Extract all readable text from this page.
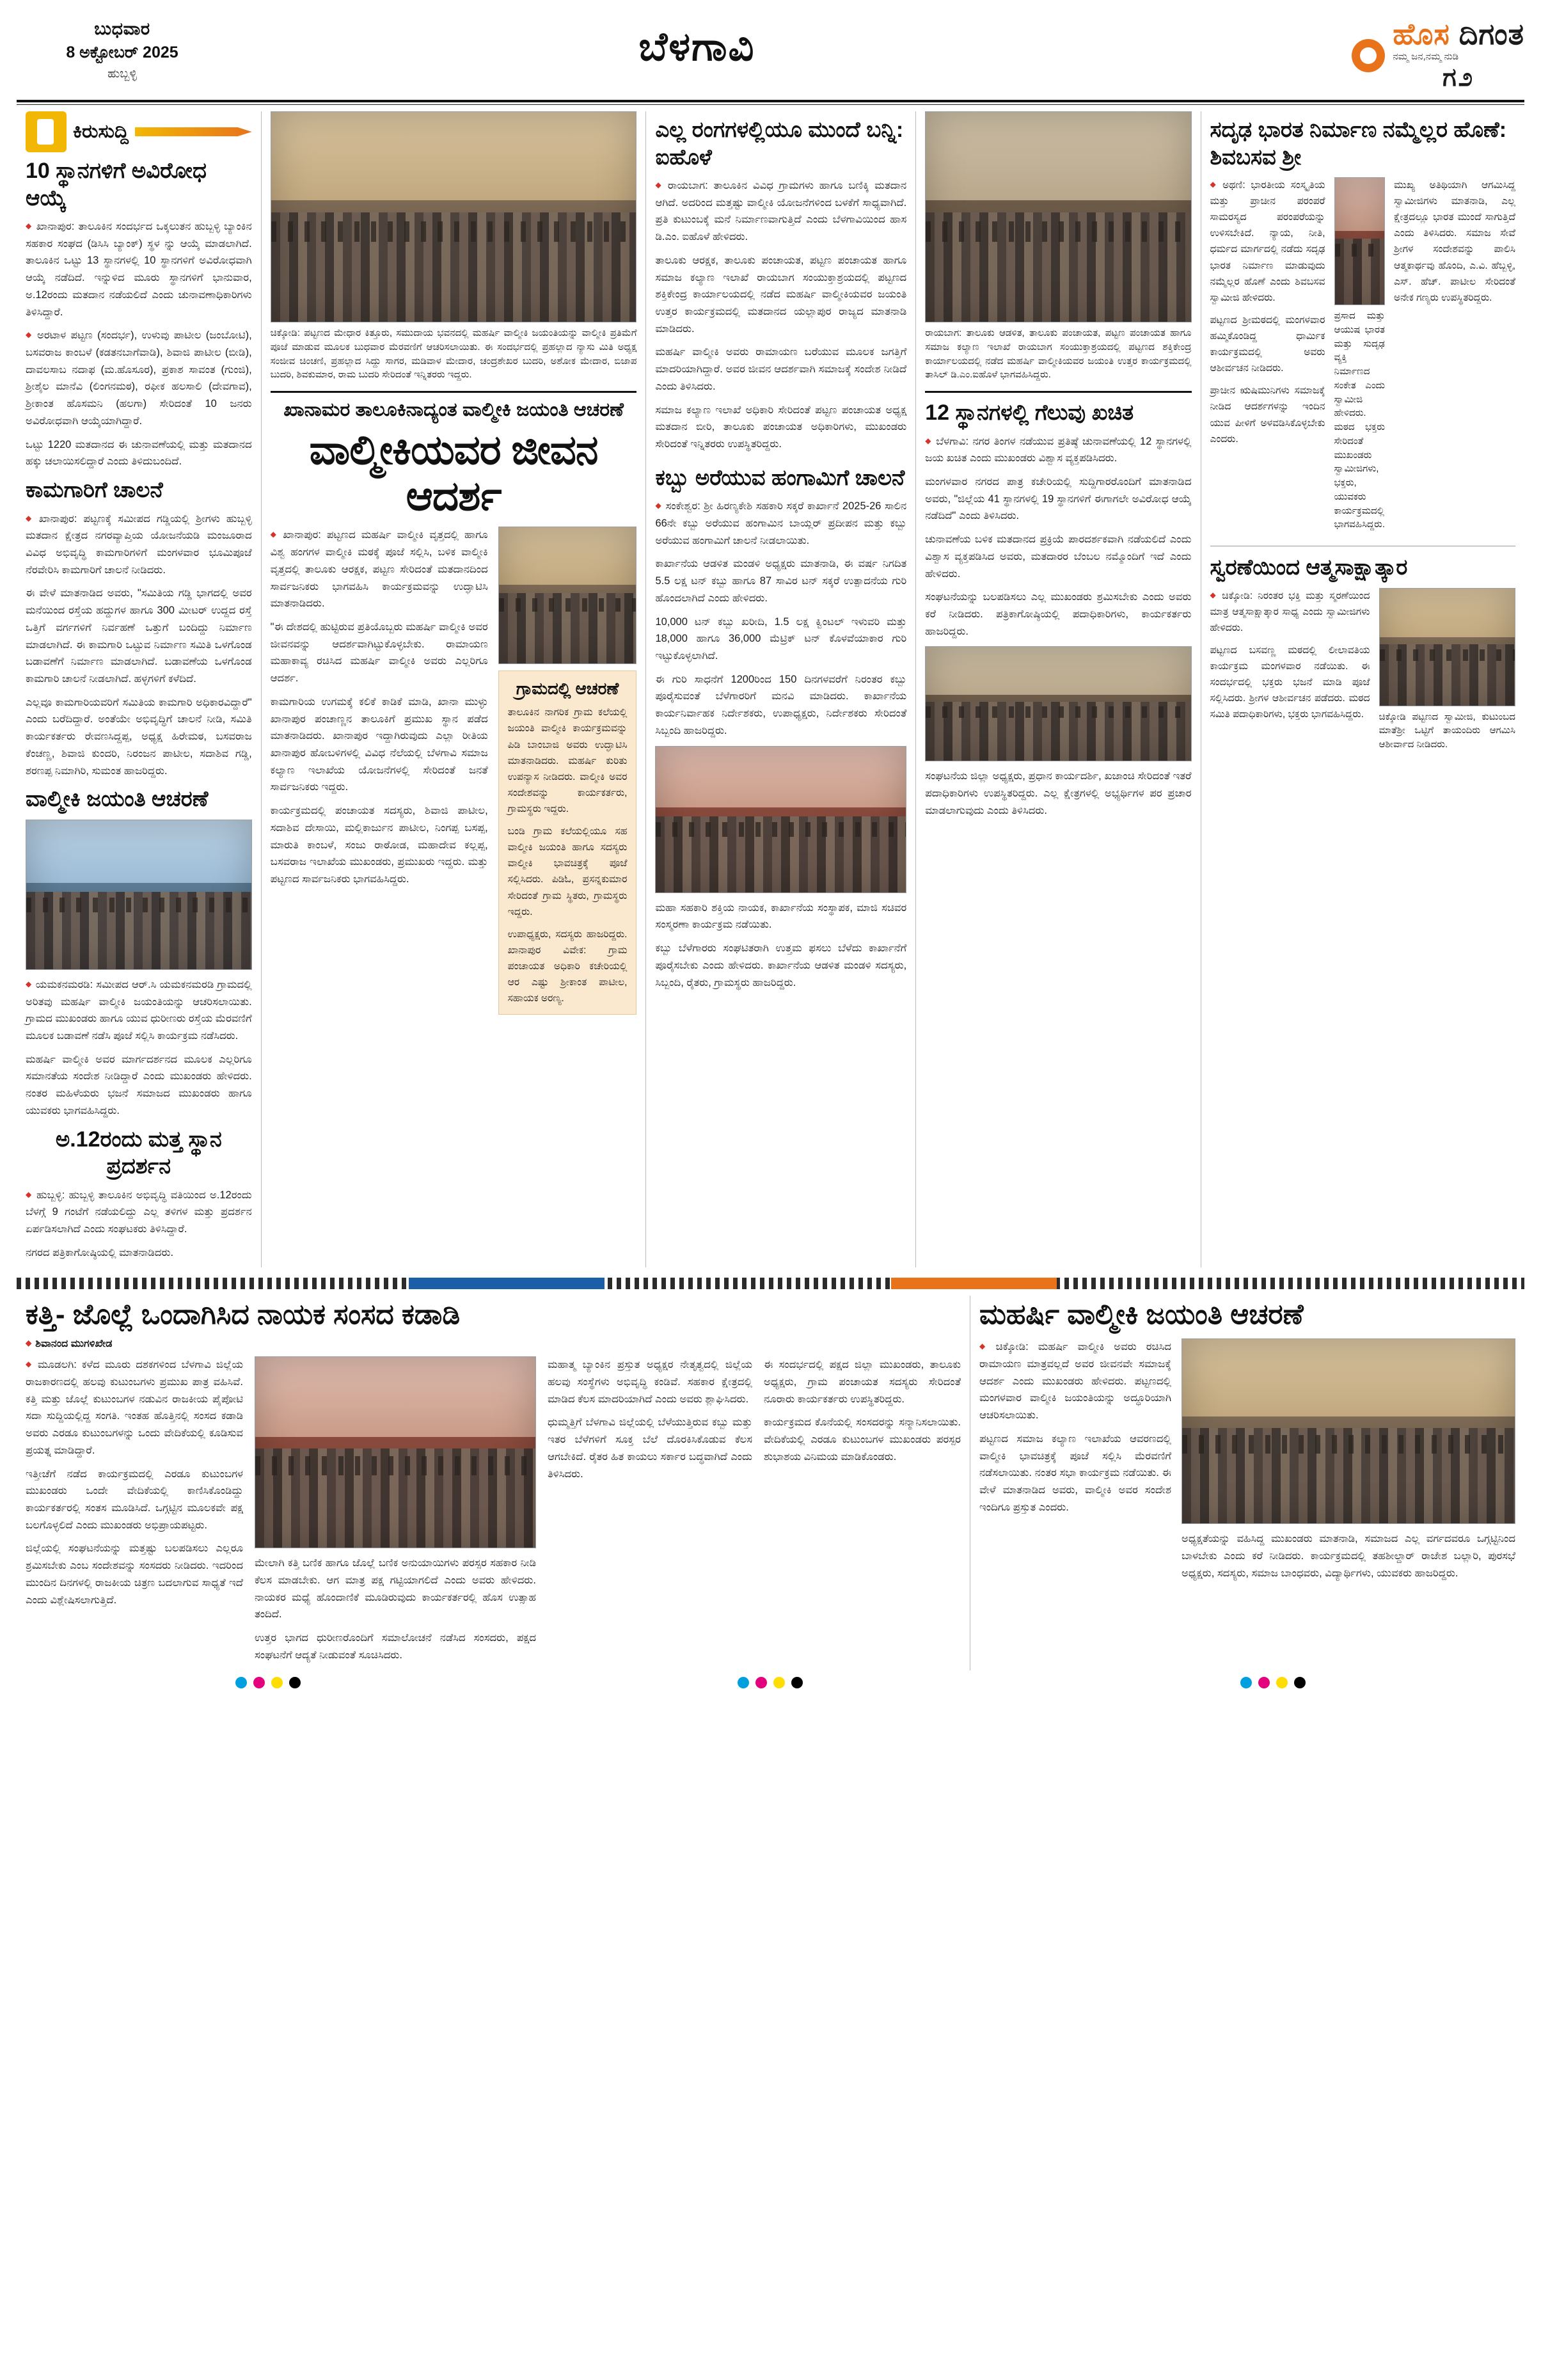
ಬುಧವಾರ
8 ಅಕ್ಟೋಬರ್ 2025
ಹುಬ್ಬಳ್ಳಿ
ಬೆಳಗಾವಿ	ಹೊಸ ದಿಗಂತ
ನಮ್ಮ ಜನ,ನಮ್ಮ ನುಡಿ
ಗ೨
ಕಿರುಸುದ್ದಿ
10 ಸ್ಥಾನಗಳಿಗೆ ಅವಿರೋಧ ಆಯ್ಕೆ

◆ ಖಾನಾಪುರ: ತಾಲೂಕಿನ ಸಂದರ್ಭದ ಒಕ್ಕಲುತನ ಹುಬ್ಬಳ್ಳಿ ಬ್ಯಾಂಕಿನ ಸಹಕಾರ ಸಂಘದ (ಡಿಸಿಸಿ ಬ್ಯಾಂಕ್) ಸ್ಥಳ ನ್ನು ಆಯ್ಕೆ ಮಾಡಲಾಗಿದೆ. ತಾಲೂಕಿನ ಒಟ್ಟು 13 ಸ್ಥಾನಗಳಲ್ಲಿ 10 ಸ್ಥಾನಗಳಿಗೆ ಅವಿರೋಧವಾಗಿ ಆಯ್ಕೆ ನಡೆದಿದೆ. ಇನ್ನುಳಿದ ಮೂರು ಸ್ಥಾನಗಳಿಗೆ ಭಾನುವಾರ, ಅ.12ರಂದು ಮತದಾನ ನಡೆಯಲಿದೆ ಎಂದು ಚುನಾವಣಾಧಿಕಾರಿಗಳು ತಿಳಿಸಿದ್ದಾರೆ.

◆ ಅರಟಾಳ ಪಟ್ಟಣ (ಸಂದರ್ಭ), ಉಳುವು ಪಾಟೀಲ (ಜಂಬೋಟಿ), ಬಸವರಾಜ ಕಾಂಬಳೆ (ಕಡತನಬಾಗೆವಾಡಿ), ಶಿವಾಜಿ ಪಾಟೀಲ (ಬೀಡಿ), ದಾವಲಸಾಬ ನದಾಫ (ಮ.ಹೊಸೂರ), ಪ್ರಕಾಶ ಸಾವಂತ (ಗುಂಜಿ), ಶ್ರೀಶೈಲ ಮಾನೆವಿ (ಲಿಂಗನಮಠ), ರಫೀಕ ಹಲಸಾಲಿ (ದೇವಗಾವ), ಶ್ರೀಕಾಂತ ಹೊಸಮನಿ (ಹಲಗಾ) ಸೇರಿದಂತೆ 10 ಜನರು ಅವಿರೋಧವಾಗಿ ಆಯ್ಕೆಯಾಗಿದ್ದಾರೆ.

ಒಟ್ಟು 1220 ಮತದಾನದ ಈ ಚುನಾವಣೆಯಲ್ಲಿ ಮತ್ತು ಮತದಾನದ ಹಕ್ಕು ಚಲಾಯಿಸಲಿದ್ದಾರೆ ಎಂದು ತಿಳಿದುಬಂದಿದೆ.

ಕಾಮಗಾರಿಗೆ ಚಾಲನೆ

◆ ಖಾನಾಪುರ: ಪಟ್ಟಣಕ್ಕೆ ಸಮೀಪದ ಗಡ್ಡಿಯಲ್ಲಿ ಶ್ರೀಗಳು ಹುಬ್ಬಳ್ಳಿ ಮತದಾನ ಕ್ಷೇತ್ರದ ನಗರವ್ಯಾಪ್ತಿಯ ಯೋಜನೆಯಡಿ ಮಂಜೂರಾದ ವಿವಿಧ ಅಭಿವೃದ್ಧಿ ಕಾಮಗಾರಿಗಳಿಗೆ ಮಂಗಳವಾರ ಭೂಮಿಪೂಜೆ ನೆರವೇರಿಸಿ ಕಾಮಗಾರಿಗೆ ಚಾಲನೆ ನೀಡಿದರು.

ಈ ವೇಳೆ ಮಾತನಾಡಿದ ಅವರು, "ಸಮಿತಿಯ ಗಡ್ಡಿ ಭಾಗದಲ್ಲಿ ಅವರ ಮನೆಯಿಂದ ರಸ್ತೆಯ ಹದ್ದುಗಳ ಹಾಗೂ 300 ಮೀಟರ್ ಉದ್ದದ ರಸ್ತೆ ಒತ್ತಿಗೆ ವರ್ಗಗಳಿಗೆ ನಿರ್ವಹಣೆ ಒತ್ತುಗೆ ಬಂದಿದ್ದು ನಿರ್ಮಾಣ ಮಾಡಲಾಗಿದೆ. ಈ ಕಾಮಗಾರಿ ಒಟ್ಟುವ ನಿರ್ಮಾಣ ಸಮಿತಿ ಒಳಗೊಂಡ ಬಡಾವಣೆಗೆ ನಿರ್ಮಾಣ ಮಾಡಲಾಗಿದೆ. ಬಡಾವಣೆಯ ಒಳಗೊಂಡ ಕಾಮಗಾರಿ ಚಾಲನೆ ನೀಡಲಾಗಿದೆ. ಹಳ್ಳಗಳಿಗೆ ಕಳೆದಿದೆ.

ಎಲ್ಲವೂ ಕಾಮಗಾರಿಯವರಿಗೆ ಸಮಿತಿಯ ಕಾಮಗಾರಿ ಅಧಿಕಾರವಿದ್ದಾರೆ" ಎಂದು ಬರೆದಿದ್ದಾರೆ. ಅಂತೆಯೇ ಅಭಿವೃದ್ಧಿಗೆ ಚಾಲನೆ ನೀಡಿ, ಸಮಿತಿ ಕಾರ್ಯಕರ್ತರು ರೇವಣಸಿದ್ದಪ್ಪ, ಅಧ್ಯಕ್ಷ ಹಿರೇಮಠ, ಬಸವರಾಜ ಕೆಂಚಣ್ಣ, ಶಿವಾಜಿ ಕುಂದರಿ, ನಿರಂಜನ ಪಾಟೀಲ, ಸದಾಶಿವ ಗಡ್ಡಿ, ಶರಣಪ್ಪ ನಿಮಾಗಿರಿ, ಸುಮಂತ ಹಾಜರಿದ್ದರು.

ವಾಲ್ಮೀಕಿ ಜಯಂತಿ ಆಚರಣೆ

◆ ಯಮಕನಮರಡಿ: ಸಮೀಪದ ಆರ್.ಸಿ ಯಮಕನಮರಡಿ ಗ್ರಾಮದಲ್ಲಿ ಅರಿತವು ಮಹರ್ಷಿ ವಾಲ್ಮೀಕಿ ಜಯಂತಿಯನ್ನು ಆಚರಿಸಲಾಯಿತು. ಗ್ರಾಮದ ಮುಖಂಡರು ಹಾಗೂ ಯುವ ಧುರೀಣರು ರಸ್ತೆಯ ಮೆರವಣಿಗೆ ಮೂಲಕ ಬಡಾವಣೆ ನಡೆಸಿ ಪೂಜೆ ಸಲ್ಲಿಸಿ ಕಾರ್ಯಕ್ರಮ ನಡೆಸಿದರು.

ಮಹರ್ಷಿ ವಾಲ್ಮೀಕಿ ಅವರ ಮಾರ್ಗದರ್ಶನದ ಮೂಲಕ ಎಲ್ಲರಿಗೂ ಸಮಾನತೆಯ ಸಂದೇಶ ನೀಡಿದ್ದಾರೆ ಎಂದು ಮುಖಂಡರು ಹೇಳಿದರು. ನಂತರ ಮಹಿಳೆಯರು ಭಜನೆ ಸಮಾಜದ ಮುಖಂಡರು ಹಾಗೂ ಯುವಕರು ಭಾಗವಹಿಸಿದ್ದರು.

ಅ.12ರಂದು ಮತ್ತ ಸ್ಥಾನ ಪ್ರದರ್ಶನ

◆ ಹುಬ್ಬಳ್ಳಿ: ಹುಬ್ಬಳ್ಳಿ ತಾಲೂಕಿನ ಅಭಿವೃದ್ಧಿ ವತಿಯಿಂದ ಅ.12ರಂದು ಬೆಳಗ್ಗೆ 9 ಗಂಟೆಗೆ ನಡೆಯಲಿದ್ದು ಎಲ್ಲ ತಳಿಗಳ ಮತ್ತು ಪ್ರದರ್ಶನ ಏರ್ಪಡಿಸಲಾಗಿದೆ ಎಂದು ಸಂಘಟಕರು ತಿಳಿಸಿದ್ದಾರೆ.

ನಗರದ ಪತ್ರಿಕಾಗೋಷ್ಠಿಯಲ್ಲಿ ಮಾತನಾಡಿದರು.

ಚಿಕ್ಕೋಡಿ: ಪಟ್ಟಣದ ಮೇಧಾರ ಕಿತ್ತೂರು, ಸಮುದಾಯ ಭವನದಲ್ಲಿ ಮಹರ್ಷಿ ವಾಲ್ಮೀಕಿ ಜಯಂತಿಯನ್ನು ವಾಲ್ಮೀಕಿ ಪ್ರತಿಮೆಗೆ ಪೂಜೆ ಮಾಡುವ ಮೂಲಕ ಬುಧವಾರ ಮೆರವಣಿಗೆ ಆಚರಿಸಲಾಯಿತು. ಈ ಸಂದರ್ಭದಲ್ಲಿ ಪ್ರಹಲ್ಲಾದ ನ್ಯಾಸು ಮಿತಿ ಅಧ್ಯಕ್ಷ ಸಂಜೀವ ಚಿಂಚಣಿ, ಪ್ರಹಲ್ಲಾದ ಸಿದ್ದು ಸಾಗರ, ಮಡಿವಾಳ ಮೇದಾರ, ಚಂದ್ರಶೇಖರ ಬುದರಿ, ಅಶೋಕ ಮೇದಾರ, ಬಿಜಾಪ ಬುದರಿ, ಶಿವಕುಮಾರ, ರಾಮ ಬುದರಿ ಸೇರಿದಂತೆ ಇನ್ನಿತರರು ಇದ್ದರು.
ಖಾನಾಮರ ತಾಲೂಕಿನಾದ್ಯಂತ ವಾಲ್ಮೀಕಿ ಜಯಂತಿ ಆಚರಣೆ
ವಾಲ್ಮೀಕಿಯವರ ಜೀವನ ಆದರ್ಶ

◆ ಖಾನಾಪುರ: ಪಟ್ಟಣದ ಮಹರ್ಷಿ ವಾಲ್ಮೀಕಿ ವೃತ್ತದಲ್ಲಿ ಹಾಗೂ ವಿಶ್ವ ಹಂಗಗಳ ವಾಲ್ಮೀಕಿ ಮಠಕ್ಕೆ ಪೂಜೆ ಸಲ್ಲಿಸಿ, ಬಳಿಕ ವಾಲ್ಮೀಕಿ ವೃತ್ತದಲ್ಲಿ ತಾಲೂಕು ಆರಕ್ಷಕ, ಪಟ್ಟಣ ಸೇರಿದಂತೆ ಮತದಾನದಿಂದ ಸಾರ್ವಜನಿಕರು ಭಾಗವಹಿಸಿ ಕಾರ್ಯಕ್ರಮವನ್ನು ಉದ್ಘಾಟಿಸಿ ಮಾತನಾಡಿದರು.

"ಈ ದೇಶದಲ್ಲಿ ಹುಟ್ಟಿರುವ ಪ್ರತಿಯೊಬ್ಬರು ಮಹರ್ಷಿ ವಾಲ್ಮೀಕಿ ಅವರ ಜೀವನವನ್ನು ಆದರ್ಶವಾಗಿಟ್ಟುಕೊಳ್ಳಬೇಕು. ರಾಮಾಯಣ ಮಹಾಕಾವ್ಯ ರಚಿಸಿದ ಮಹರ್ಷಿ ವಾಲ್ಮೀಕಿ ಅವರು ಎಲ್ಲರಿಗೂ ಆದರ್ಶ.

ಕಾಮಗಾರಿಯ ಉಗಮಕ್ಕೆ ಕಲಿಕೆ ಕಾಡಿಕೆ ಮಾಡಿ, ಖಾನಾ ಮುಳ್ಳು ಖಾನಾಪುರ ಪಂಚಾಣ್ಣನ ತಾಲೂಕಿಗೆ ಪ್ರಮುಖ ಸ್ಥಾನ ಪಡೆದ ಮಾತನಾಡಿದರು. ಖಾನಾಪುರ ಇದ್ದಾಗಿರುವುದು ಎಲ್ಲಾ ರೀತಿಯ ಖಾನಾಪುರ ಹೋಬಳಿಗಳಲ್ಲಿ ವಿವಿಧ ನೆಲೆಯಲ್ಲಿ ಬೆಳಗಾವಿ ಸಮಾಜ ಕಲ್ಯಾಣ ಇಲಾಖೆಯ ಯೋಜನೆಗಳಲ್ಲಿ ಸೇರಿದಂತೆ ಜನತೆ ಸಾರ್ವಜನಿಕರು ಇದ್ದರು.

ಕಾರ್ಯಕ್ರಮದಲ್ಲಿ ಪಂಚಾಯತ ಸದಸ್ಯರು, ಶಿವಾಜಿ ಪಾಟೀಲ, ಸದಾಶಿವ ದೇಸಾಯಿ, ಮಲ್ಲಿಕಾರ್ಜುನ ಪಾಟೀಲ, ನಿಂಗಪ್ಪ ಬಸಪ್ಪ, ಮಾರುತಿ ಕಾಂಬಳೆ, ಸಂಜು ರಾಠೋಡ, ಮಹಾದೇವ ಕಲ್ಲಪ್ಪ, ಬಸವರಾಜ ಇಲಾಖೆಯ ಮುಖಂಡರು, ಪ್ರಮುಖರು ಇದ್ದರು. ಮತ್ತು ಪಟ್ಟಣದ ಸಾರ್ವಜನಿಕರು ಭಾಗವಹಿಸಿದ್ದರು.

ಗ್ರಾಮದಲ್ಲಿ ಆಚರಣೆ

ತಾಲೂಕಿನ ನಾಗರಿಕ ಗ್ರಾಮ ಕಲೆಯಲ್ಲಿ ಜಯಂತಿ ವಾಲ್ಮೀಕಿ ಕಾರ್ಯಕ್ರಮವನ್ನು ಪಿಡಿ ಬಾಂಬಾಜಿ ಅವರು ಉದ್ಘಾಟಿಸಿ ಮಾತನಾಡಿದರು. ಮಹರ್ಷಿ ಕುರಿತು ಉಪನ್ಯಾಸ ನೀಡಿದರು. ವಾಲ್ಮೀಕಿ ಅವರ ಸಂದೇಶವನ್ನು ಕಾರ್ಯಕರ್ತರು, ಗ್ರಾಮಸ್ಥರು ಇದ್ದರು.

ಬಂಡಿ ಗ್ರಾಮ ಕಲೆಯಲ್ಲಿಯೂ ಸಹ ವಾಲ್ಮೀಕಿ ಜಯಂತಿ ಹಾಗೂ ಸದಸ್ಯರು ವಾಲ್ಮೀಕಿ ಭಾವಚಿತ್ರಕ್ಕೆ ಪೂಜೆ ಸಲ್ಲಿಸಿದರು. ಪಿಡಿಓ, ಪ್ರಸನ್ನಕುಮಾರ ಸೇರಿದಂತೆ ಗ್ರಾಮ ಸ್ಥಿತರು, ಗ್ರಾಮಸ್ಥರು ಇದ್ದರು.

ಉಪಾಧ್ಯಕ್ಷರು, ಸದಸ್ಯರು ಹಾಜರಿದ್ದರು. ಖಾನಾಪುರ ವಿವೇಕ: ಗ್ರಾಮ ಪಂಚಾಯತ ಅಧಿಕಾರಿ ಕಚೇರಿಯಲ್ಲಿ ಆರ ಎಷ್ಟು ಶ್ರೀಕಾಂತ ಪಾಟೀಲ, ಸಹಾಯಕ ಅರಣ್ಯ.

ಎಲ್ಲ ರಂಗಗಳಲ್ಲಿಯೂ ಮುಂದೆ ಬನ್ನಿ: ಐಹೊಳೆ

◆ ರಾಯಬಾಗ: ತಾಲೂಕಿನ ವಿವಿಧ ಗ್ರಾಮಗಳು ಹಾಗೂ ಬಣಿಕ್ಕಿ ಮತದಾನ ಆಗಿದೆ. ಅದರಿಂದ ಮತ್ತಷ್ಟು ವಾಲ್ಮೀಕಿ ಯೋಜನೆಗಳಿಂದ ಬಳಕೆಗೆ ಸಾಧ್ಯವಾಗಿದೆ. ಪ್ರತಿ ಕುಟುಂಬಕ್ಕೆ ಮನೆ ನಿರ್ಮಾಣವಾಗುತ್ತಿದೆ ಎಂದು ಬೆಳಗಾವಿಯಿಂದ ಹಾಸ ಡಿ.ಎಂ. ಐಹೊಳೆ ಹೇಳಿದರು.

ತಾಲೂಕು ಆರಕ್ಷಕ, ತಾಲೂಕು ಪಂಚಾಯತ, ಪಟ್ಟಣ ಪಂಚಾಯತ ಹಾಗೂ ಸಮಾಜ ಕಲ್ಯಾಣ ಇಲಾಖೆ ರಾಯಬಾಗ ಸಂಯುಕ್ತಾಶ್ರಯದಲ್ಲಿ ಪಟ್ಟಣದ ಶಕ್ತಿಕೇಂದ್ರ ಕಾರ್ಯಾಲಯದಲ್ಲಿ ನಡೆದ ಮಹರ್ಷಿ ವಾಲ್ಮೀಕಿಯವರ ಜಯಂತಿ ಉತ್ತರ ಕಾರ್ಯಕ್ರಮದಲ್ಲಿ ಮತದಾನದ ಯಲ್ಲಾಪುರ ರಾಜ್ಯದ ಮಾತನಾಡಿ ಮಾಡಿದರು.

ಮಹರ್ಷಿ ವಾಲ್ಮೀಕಿ ಅವರು ರಾಮಾಯಣ ಬರೆಯುವ ಮೂಲಕ ಜಗತ್ತಿಗೆ ಮಾದರಿಯಾಗಿದ್ದಾರೆ. ಅವರ ಜೀವನ ಆದರ್ಶವಾಗಿ ಸಮಾಜಕ್ಕೆ ಸಂದೇಶ ನೀಡಿದೆ ಎಂದು ತಿಳಿಸಿದರು.

ಸಮಾಜ ಕಲ್ಯಾಣ ಇಲಾಖೆ ಅಧಿಕಾರಿ ಸೇರಿದಂತೆ ಪಟ್ಟಣ ಪಂಚಾಯತ ಅಧ್ಯಕ್ಷ ಮತದಾನ ಬೀರಿ, ತಾಲೂಕು ಪಂಚಾಯತ ಅಧಿಕಾರಿಗಳು, ಮುಖಂಡರು ಸೇರಿದಂತೆ ಇನ್ನಿತರರು ಉಪಸ್ಥಿತರಿದ್ದರು.

ಕಬ್ಬು ಅರೆಯುವ ಹಂಗಾಮಿಗೆ ಚಾಲನೆ

◆ ಸಂಕೇಶ್ವರ: ಶ್ರೀ ಹಿರಣ್ಯಕೇಶಿ ಸಹಕಾರಿ ಸಕ್ಕರೆ ಕಾರ್ಖಾನೆ 2025-26 ಸಾಲಿನ 66ನೇ ಕಬ್ಬು ಅರೆಯುವ ಹಂಗಾಮಿನ ಬಾಯ್ಲರ್ ಪ್ರದೀಪನ ಮತ್ತು ಕಬ್ಬು ಅರೆಯುವ ಹಂಗಾಮಿಗೆ ಚಾಲನೆ ನೀಡಲಾಯಿತು.

ಕಾರ್ಖಾನೆಯ ಆಡಳಿತ ಮಂಡಳಿ ಅಧ್ಯಕ್ಷರು ಮಾತನಾಡಿ, ಈ ವರ್ಷ ನಿಗದಿತ 5.5 ಲಕ್ಷ ಟನ್ ಕಬ್ಬು ಹಾಗೂ 87 ಸಾವಿರ ಟನ್ ಸಕ್ಕರೆ ಉತ್ಪಾದನೆಯ ಗುರಿ ಹೊಂದಲಾಗಿದೆ ಎಂದು ಹೇಳಿದರು.

10,000 ಟನ್ ಕಬ್ಬು ಖರೀದಿ, 1.5 ಲಕ್ಷ ಕ್ವಿಂಟಲ್ ಇಳುವರಿ ಮತ್ತು 18,000 ಹಾಗೂ 36,000 ಮೆಟ್ರಿಕ್ ಟನ್ ಕೊಳವೆಯಾಕಾರ ಗುರಿ ಇಟ್ಟುಕೊಳ್ಳಲಾಗಿದೆ.

ಈ ಗುರಿ ಸಾಧನೆಗೆ 1200ರಿಂದ 150 ದಿನಗಳವರೆಗೆ ನಿರಂತರ ಕಬ್ಬು ಪೂರೈಸುವಂತೆ ಬೆಳೆಗಾರರಿಗೆ ಮನವಿ ಮಾಡಿದರು. ಕಾರ್ಖಾನೆಯ ಕಾರ್ಯನಿರ್ವಾಹಕ ನಿರ್ದೇಶಕರು, ಉಪಾಧ್ಯಕ್ಷರು, ನಿರ್ದೇಶಕರು ಸೇರಿದಂತೆ ಸಿಬ್ಬಂದಿ ಹಾಜರಿದ್ದರು.

ಮಹಾ ಸಹಕಾರಿ ಶಕ್ತಿಯ ನಾಯಕ, ಕಾರ್ಖಾನೆಯ ಸಂಸ್ಥಾಪಕ, ಮಾಜಿ ಸಚಿವರ ಸಂಸ್ಮರಣಾ ಕಾರ್ಯಕ್ರಮ ನಡೆಯಿತು.

ಕಬ್ಬು ಬೆಳೆಗಾರರು ಸಂಘಟಿತರಾಗಿ ಉತ್ತಮ ಫಸಲು ಬೆಳೆದು ಕಾರ್ಖಾನೆಗೆ ಪೂರೈಸಬೇಕು ಎಂದು ಹೇಳಿದರು. ಕಾರ್ಖಾನೆಯ ಆಡಳಿತ ಮಂಡಳಿ ಸದಸ್ಯರು, ಸಿಬ್ಬಂದಿ, ರೈತರು, ಗ್ರಾಮಸ್ಥರು ಹಾಜರಿದ್ದರು.

ರಾಯಬಾಗ: ತಾಲೂಕು ಆಡಳಿತ, ತಾಲೂಕು ಪಂಚಾಯತ, ಪಟ್ಟಣ ಪಂಚಾಯತ ಹಾಗೂ ಸಮಾಜ ಕಲ್ಯಾಣ ಇಲಾಖೆ ರಾಯಬಾಗ ಸಂಯುಕ್ತಾಶ್ರಯದಲ್ಲಿ ಪಟ್ಟಣದ ಶಕ್ತಿಕೇಂದ್ರ ಕಾರ್ಯಾಲಯದಲ್ಲಿ ನಡೆದ ಮಹರ್ಷಿ ವಾಲ್ಮೀಕಿಯವರ ಜಯಂತಿ ಉತ್ತರ ಕಾರ್ಯಕ್ರಮದಲ್ಲಿ ತಾಸಿಲ್ ಡಿ.ಎಂ.ಐಹೊಳೆ ಭಾಗವಹಿಸಿದ್ದರು.
12 ಸ್ಥಾನಗಳಲ್ಲಿ ಗೆಲುವು ಖಚಿತ

◆ ಬೆಳಗಾವಿ: ನಗರ ತಿಂಗಳ ನಡೆಯುವ ಪ್ರತಿಷ್ಠೆ ಚುನಾವಣೆಯಲ್ಲಿ 12 ಸ್ಥಾನಗಳಲ್ಲಿ ಜಯ ಖಚಿತ ಎಂದು ಮುಖಂಡರು ವಿಶ್ವಾಸ ವ್ಯಕ್ತಪಡಿಸಿದರು.

ಮಂಗಳವಾರ ನಗರದ ಪಾತ್ರ ಕಚೇರಿಯಲ್ಲಿ ಸುದ್ದಿಗಾರರೊಂದಿಗೆ ಮಾತನಾಡಿದ ಅವರು, "ಜಿಲ್ಲೆಯ 41 ಸ್ಥಾನಗಳಲ್ಲಿ 19 ಸ್ಥಾನಗಳಿಗೆ ಈಗಾಗಲೇ ಅವಿರೋಧ ಆಯ್ಕೆ ನಡೆದಿದೆ" ಎಂದು ತಿಳಿಸಿದರು.

ಚುನಾವಣೆಯ ಬಳಿಕ ಮತದಾನದ ಪ್ರಕ್ರಿಯೆ ಪಾರದರ್ಶಕವಾಗಿ ನಡೆಯಲಿದೆ ಎಂದು ವಿಶ್ವಾಸ ವ್ಯಕ್ತಪಡಿಸಿದ ಅವರು, ಮತದಾರರ ಬೆಂಬಲ ನಮ್ಮೊಂದಿಗೆ ಇದೆ ಎಂದು ಹೇಳಿದರು.

ಸಂಘಟನೆಯನ್ನು ಬಲಪಡಿಸಲು ಎಲ್ಲ ಮುಖಂಡರು ಶ್ರಮಿಸಬೇಕು ಎಂದು ಅವರು ಕರೆ ನೀಡಿದರು. ಪತ್ರಿಕಾಗೋಷ್ಠಿಯಲ್ಲಿ ಪದಾಧಿಕಾರಿಗಳು, ಕಾರ್ಯಕರ್ತರು ಹಾಜರಿದ್ದರು.

ಸಂಘಟನೆಯ ಜಿಲ್ಲಾ ಅಧ್ಯಕ್ಷರು, ಪ್ರಧಾನ ಕಾರ್ಯದರ್ಶಿ, ಖಜಾಂಚಿ ಸೇರಿದಂತೆ ಇತರೆ ಪದಾಧಿಕಾರಿಗಳು ಉಪಸ್ಥಿತರಿದ್ದರು. ಎಲ್ಲ ಕ್ಷೇತ್ರಗಳಲ್ಲಿ ಅಭ್ಯರ್ಥಿಗಳ ಪರ ಪ್ರಚಾರ ಮಾಡಲಾಗುವುದು ಎಂದು ತಿಳಿಸಿದರು.

ಸದೃಢ ಭಾರತ ನಿರ್ಮಾಣ ನಮ್ಮೆಲ್ಲರ ಹೊಣೆ: ಶಿವಬಸವ ಶ್ರೀ

◆ ಅಥಣಿ: ಭಾರತೀಯ ಸಂಸ್ಕೃತಿಯ ಮತ್ತು ಪ್ರಾಚೀನ ಪರಂಪರೆ ಸಾಮರಸ್ಯದ ಪರಂಪರೆಯನ್ನು ಉಳಿಸಬೇಕಿದೆ. ನ್ಯಾಯ, ನೀತಿ, ಧರ್ಮದ ಮಾರ್ಗದಲ್ಲಿ ನಡೆದು ಸದೃಢ ಭಾರತ ನಿರ್ಮಾಣ ಮಾಡುವುದು ನಮ್ಮೆಲ್ಲರ ಹೊಣೆ ಎಂದು ಶಿವಬಸವ ಸ್ವಾಮೀಜಿ ಹೇಳಿದರು.

ಪಟ್ಟಣದ ಶ್ರೀಮಠದಲ್ಲಿ ಮಂಗಳವಾರ ಹಮ್ಮಿಕೊಂಡಿದ್ದ ಧಾರ್ಮಿಕ ಕಾರ್ಯಕ್ರಮದಲ್ಲಿ ಅವರು ಆಶೀರ್ವಚನ ನೀಡಿದರು.

ಪ್ರಾಚೀನ ಋಷಿಮುನಿಗಳು ಸಮಾಜಕ್ಕೆ ನೀಡಿದ ಆದರ್ಶಗಳನ್ನು ಇಂದಿನ ಯುವ ಪೀಳಿಗೆ ಅಳವಡಿಸಿಕೊಳ್ಳಬೇಕು ಎಂದರು.

ಪ್ರಸಾದ ಮತ್ತು ಆಯುಷ ಭಾರತ ಮತ್ತು ಸುದೃಢ ವ್ಯಕ್ತಿ ನಿರ್ಮಾಣದ ಸಂಕೇತ ಎಂದು ಸ್ವಾಮೀಜಿ ಹೇಳಿದರು. ಮಠದ ಭಕ್ತರು ಸೇರಿದಂತೆ ಮುಖಂಡರು ಸ್ವಾಮೀಜಿಗಳು, ಭಕ್ತರು, ಯುವಕರು ಕಾರ್ಯಕ್ರಮದಲ್ಲಿ ಭಾಗವಹಿಸಿದ್ದರು.

ಮುಖ್ಯ ಅತಿಥಿಯಾಗಿ ಆಗಮಿಸಿದ್ದ ಸ್ವಾಮೀಜಿಗಳು ಮಾತನಾಡಿ, ಎಲ್ಲ ಕ್ಷೇತ್ರದಲ್ಲೂ ಭಾರತ ಮುಂದೆ ಸಾಗುತ್ತಿದೆ ಎಂದು ತಿಳಿಸಿದರು. ಸಮಾಜ ಸೇವೆ ಶ್ರೀಗಳ ಸಂದೇಶವನ್ನು ಪಾಲಿಸಿ ಆತ್ಮಕಾರ್ಥವು ಹೊಂದಿ, ಎ.ವಿ. ಹೆಬ್ಬಳ್ಳಿ, ಎಸ್. ಹೆಚ್. ಪಾಟೀಲ ಸೇರಿದಂತೆ ಅನೇಕ ಗಣ್ಯರು ಉಪಸ್ಥಿತರಿದ್ದರು.

ಸ್ವರಣೆಯಿಂದ ಆತ್ಮಸಾಕ್ಷಾತ್ಕಾರ

◆ ಚಿಕ್ಕೋಡಿ: ನಿರಂತರ ಭಕ್ತಿ ಮತ್ತು ಸ್ಮರಣೆಯಿಂದ ಮಾತ್ರ ಆತ್ಮಸಾಕ್ಷಾತ್ಕಾರ ಸಾಧ್ಯ ಎಂದು ಸ್ವಾಮೀಜಿಗಳು ಹೇಳಿದರು.

ಪಟ್ಟಣದ ಬಸವಣ್ಣ ಮಠದಲ್ಲಿ ಲೀಲಾವತಿಯ ಕಾರ್ಯಕ್ರಮ ಮಂಗಳವಾರ ನಡೆಯಿತು. ಈ ಸಂದರ್ಭದಲ್ಲಿ ಭಕ್ತರು ಭಜನೆ ಮಾಡಿ ಪೂಜೆ ಸಲ್ಲಿಸಿದರು. ಶ್ರೀಗಳ ಆಶೀರ್ವಚನ ಪಡೆದರು. ಮಠದ ಸಮಿತಿ ಪದಾಧಿಕಾರಿಗಳು, ಭಕ್ತರು ಭಾಗವಹಿಸಿದ್ದರು.	ಚಿಕ್ಕೋಡಿ ಪಟ್ಟಣದ ಸ್ವಾಮೀಜಿ, ಕುಟುಂಬದ ಮಾತೆಶ್ರೀ ಒಟ್ಟಿಗೆ ತಾಯಂದಿರು ಆಗಮಿಸಿ ಆಶೀರ್ವಾದ ನೀಡಿದರು.
ಕತ್ತಿ- ಜೊಲ್ಲೆ ಒಂದಾಗಿಸಿದ ನಾಯಕ ಸಂಸದ ಕಡಾಡಿ
◆ ಶಿವಾನಂದ ಮುಗಳಿಖೇಡ

◆ ಮೂಡಲಗಿ: ಕಳೆದ ಮೂರು ದಶಕಗಳಿಂದ ಬೆಳಗಾವಿ ಜಿಲ್ಲೆಯ ರಾಜಕಾರಣದಲ್ಲಿ ಹಲವು ಕುಟುಂಬಗಳು ಪ್ರಮುಖ ಪಾತ್ರ ವಹಿಸಿವೆ. ಕತ್ತಿ ಮತ್ತು ಜೊಲ್ಲೆ ಕುಟುಂಬಗಳ ನಡುವಿನ ರಾಜಕೀಯ ಪೈಪೋಟಿ ಸದಾ ಸುದ್ದಿಯಲ್ಲಿದ್ದ ಸಂಗತಿ. ಇಂತಹ ಹೊತ್ತಿನಲ್ಲಿ ಸಂಸದ ಕಡಾಡಿ ಅವರು ಎರಡೂ ಕುಟುಂಬಗಳನ್ನು ಒಂದು ವೇದಿಕೆಯಲ್ಲಿ ಕೂಡಿಸುವ ಪ್ರಯತ್ನ ಮಾಡಿದ್ದಾರೆ.

ಇತ್ತೀಚೆಗೆ ನಡೆದ ಕಾರ್ಯಕ್ರಮದಲ್ಲಿ ಎರಡೂ ಕುಟುಂಬಗಳ ಮುಖಂಡರು ಒಂದೇ ವೇದಿಕೆಯಲ್ಲಿ ಕಾಣಿಸಿಕೊಂಡಿದ್ದು ಕಾರ್ಯಕರ್ತರಲ್ಲಿ ಸಂತಸ ಮೂಡಿಸಿದೆ. ಒಗ್ಗಟ್ಟಿನ ಮೂಲಕವೇ ಪಕ್ಷ ಬಲಗೊಳ್ಳಲಿದೆ ಎಂದು ಮುಖಂಡರು ಅಭಿಪ್ರಾಯಪಟ್ಟರು.

ಜಿಲ್ಲೆಯಲ್ಲಿ ಸಂಘಟನೆಯನ್ನು ಮತ್ತಷ್ಟು ಬಲಪಡಿಸಲು ಎಲ್ಲರೂ ಶ್ರಮಿಸಬೇಕು ಎಂಬ ಸಂದೇಶವನ್ನು ಸಂಸದರು ನೀಡಿದರು. ಇದರಿಂದ ಮುಂದಿನ ದಿನಗಳಲ್ಲಿ ರಾಜಕೀಯ ಚಿತ್ರಣ ಬದಲಾಗುವ ಸಾಧ್ಯತೆ ಇದೆ ಎಂದು ವಿಶ್ಲೇಷಿಸಲಾಗುತ್ತಿದೆ.

ಮೇಲಾಗಿ ಕತ್ತಿ ಬಣಿಕ ಹಾಗೂ ಜೊಲ್ಲೆ ಬಣಿಕ ಅನುಯಾಯಿಗಳು ಪರಸ್ಪರ ಸಹಕಾರ ನೀಡಿ ಕೆಲಸ ಮಾಡಬೇಕು. ಆಗ ಮಾತ್ರ ಪಕ್ಷ ಗಟ್ಟಿಯಾಗಲಿದೆ ಎಂದು ಅವರು ಹೇಳಿದರು. ನಾಯಕರ ಮಧ್ಯೆ ಹೊಂದಾಣಿಕೆ ಮೂಡಿರುವುದು ಕಾರ್ಯಕರ್ತರಲ್ಲಿ ಹೊಸ ಉತ್ಸಾಹ ತಂದಿದೆ.

ಉತ್ತರ ಭಾಗದ ಧುರೀಣರೊಂದಿಗೆ ಸಮಾಲೋಚನೆ ನಡೆಸಿದ ಸಂಸದರು, ಪಕ್ಷದ ಸಂಘಟನೆಗೆ ಆದ್ಯತೆ ನೀಡುವಂತೆ ಸೂಚಿಸಿದರು.

ಮಹಾತ್ಮ ಬ್ಯಾಂಕಿನ ಪ್ರಸ್ತುತ ಅಧ್ಯಕ್ಷರ ನೇತೃತ್ವದಲ್ಲಿ ಜಿಲ್ಲೆಯ ಹಲವು ಸಂಸ್ಥೆಗಳು ಅಭಿವೃದ್ಧಿ ಕಂಡಿವೆ. ಸಹಕಾರ ಕ್ಷೇತ್ರದಲ್ಲಿ ಮಾಡಿದ ಕೆಲಸ ಮಾದರಿಯಾಗಿದೆ ಎಂದು ಅವರು ಶ್ಲಾಘಿಸಿದರು.

ಧುಮ್ಮತ್ತಿಗೆ ಬೆಳಗಾವಿ ಜಿಲ್ಲೆಯಲ್ಲಿ ಬೆಳೆಯುತ್ತಿರುವ ಕಬ್ಬು ಮತ್ತು ಇತರ ಬೆಳೆಗಳಿಗೆ ಸೂಕ್ತ ಬೆಲೆ ದೊರಕಿಸಿಕೊಡುವ ಕೆಲಸ ಆಗಬೇಕಿದೆ. ರೈತರ ಹಿತ ಕಾಯಲು ಸರ್ಕಾರ ಬದ್ಧವಾಗಿದೆ ಎಂದು ತಿಳಿಸಿದರು.

ಈ ಸಂದರ್ಭದಲ್ಲಿ ಪಕ್ಷದ ಜಿಲ್ಲಾ ಮುಖಂಡರು, ತಾಲೂಕು ಅಧ್ಯಕ್ಷರು, ಗ್ರಾಮ ಪಂಚಾಯತ ಸದಸ್ಯರು ಸೇರಿದಂತೆ ನೂರಾರು ಕಾರ್ಯಕರ್ತರು ಉಪಸ್ಥಿತರಿದ್ದರು.

ಕಾರ್ಯಕ್ರಮದ ಕೊನೆಯಲ್ಲಿ ಸಂಸದರನ್ನು ಸನ್ಮಾನಿಸಲಾಯಿತು. ವೇದಿಕೆಯಲ್ಲಿ ಎರಡೂ ಕುಟುಂಬಗಳ ಮುಖಂಡರು ಪರಸ್ಪರ ಶುಭಾಶಯ ವಿನಿಮಯ ಮಾಡಿಕೊಂಡರು.

ಮಹರ್ಷಿ ವಾಲ್ಮೀಕಿ ಜಯಂತಿ ಆಚರಣೆ

◆ ಚಿಕ್ಕೋಡಿ: ಮಹರ್ಷಿ ವಾಲ್ಮೀಕಿ ಅವರು ರಚಿಸಿದ ರಾಮಾಯಣ ಮಾತ್ರವಲ್ಲದೆ ಅವರ ಜೀವನವೇ ಸಮಾಜಕ್ಕೆ ಆದರ್ಶ ಎಂದು ಮುಖಂಡರು ಹೇಳಿದರು. ಪಟ್ಟಣದಲ್ಲಿ ಮಂಗಳವಾರ ವಾಲ್ಮೀಕಿ ಜಯಂತಿಯನ್ನು ಅದ್ಧೂರಿಯಾಗಿ ಆಚರಿಸಲಾಯಿತು.

ಪಟ್ಟಣದ ಸಮಾಜ ಕಲ್ಯಾಣ ಇಲಾಖೆಯ ಆವರಣದಲ್ಲಿ ವಾಲ್ಮೀಕಿ ಭಾವಚಿತ್ರಕ್ಕೆ ಪೂಜೆ ಸಲ್ಲಿಸಿ ಮೆರವಣಿಗೆ ನಡೆಸಲಾಯಿತು. ನಂತರ ಸಭಾ ಕಾರ್ಯಕ್ರಮ ನಡೆಯಿತು. ಈ ವೇಳೆ ಮಾತನಾಡಿದ ಅವರು, ವಾಲ್ಮೀಕಿ ಅವರ ಸಂದೇಶ ಇಂದಿಗೂ ಪ್ರಸ್ತುತ ಎಂದರು.

ಅಧ್ಯಕ್ಷತೆಯನ್ನು ವಹಿಸಿದ್ದ ಮುಖಂಡರು ಮಾತನಾಡಿ, ಸಮಾಜದ ಎಲ್ಲ ವರ್ಗದವರೂ ಒಗ್ಗಟ್ಟಿನಿಂದ ಬಾಳಬೇಕು ಎಂದು ಕರೆ ನೀಡಿದರು. ಕಾರ್ಯಕ್ರಮದಲ್ಲಿ ತಹಶೀಲ್ದಾರ್ ರಾಜೇಶ ಬಲ್ಲಾರಿ, ಪುರಸಭೆ ಅಧ್ಯಕ್ಷರು, ಸದಸ್ಯರು, ಸಮಾಜ ಬಾಂಧವರು, ವಿದ್ಯಾರ್ಥಿಗಳು, ಯುವಕರು ಹಾಜರಿದ್ದರು.
